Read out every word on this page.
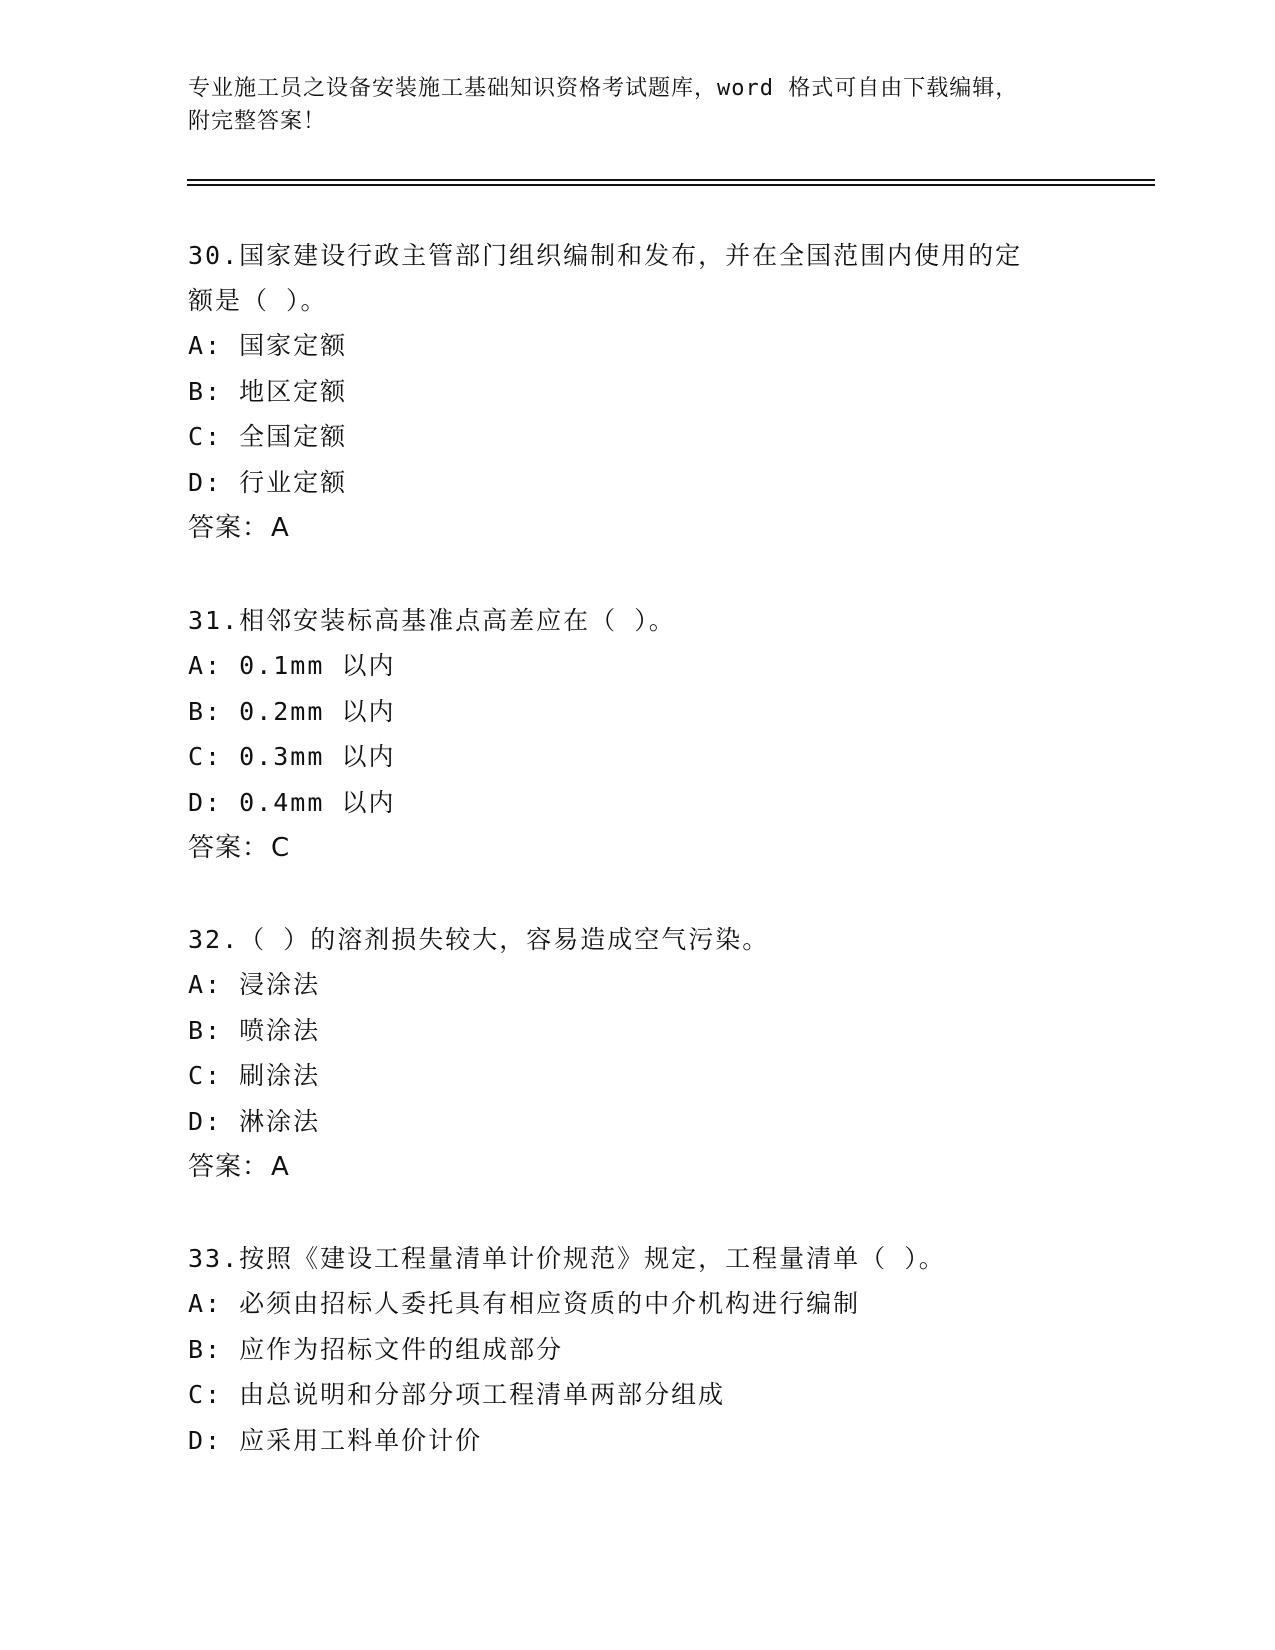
专业施工员之设备安装施工基础知识资格考试题库，word 格式可自由下载编辑，
附完整答案！

30.国家建设行政主管部门组织编制和发布，并在全国范围内使用的定

额是（ ）。

A: 国家定额

B: 地区定额

C: 全国定额

D: 行业定额

答案：A

31.相邻安装标高基准点高差应在（ ）。

A: 0.1mm 以内

B: 0.2mm 以内

C: 0.3mm 以内

D: 0.4mm 以内

答案：C

32.（ ）的溶剂损失较大，容易造成空气污染。

A: 浸涂法

B: 喷涂法

C: 刷涂法

D: 淋涂法

答案：A

33.按照《建设工程量清单计价规范》规定，工程量清单（ ）。

A: 必须由招标人委托具有相应资质的中介机构进行编制

B: 应作为招标文件的组成部分

C: 由总说明和分部分项工程清单两部分组成

D: 应采用工料单价计价
